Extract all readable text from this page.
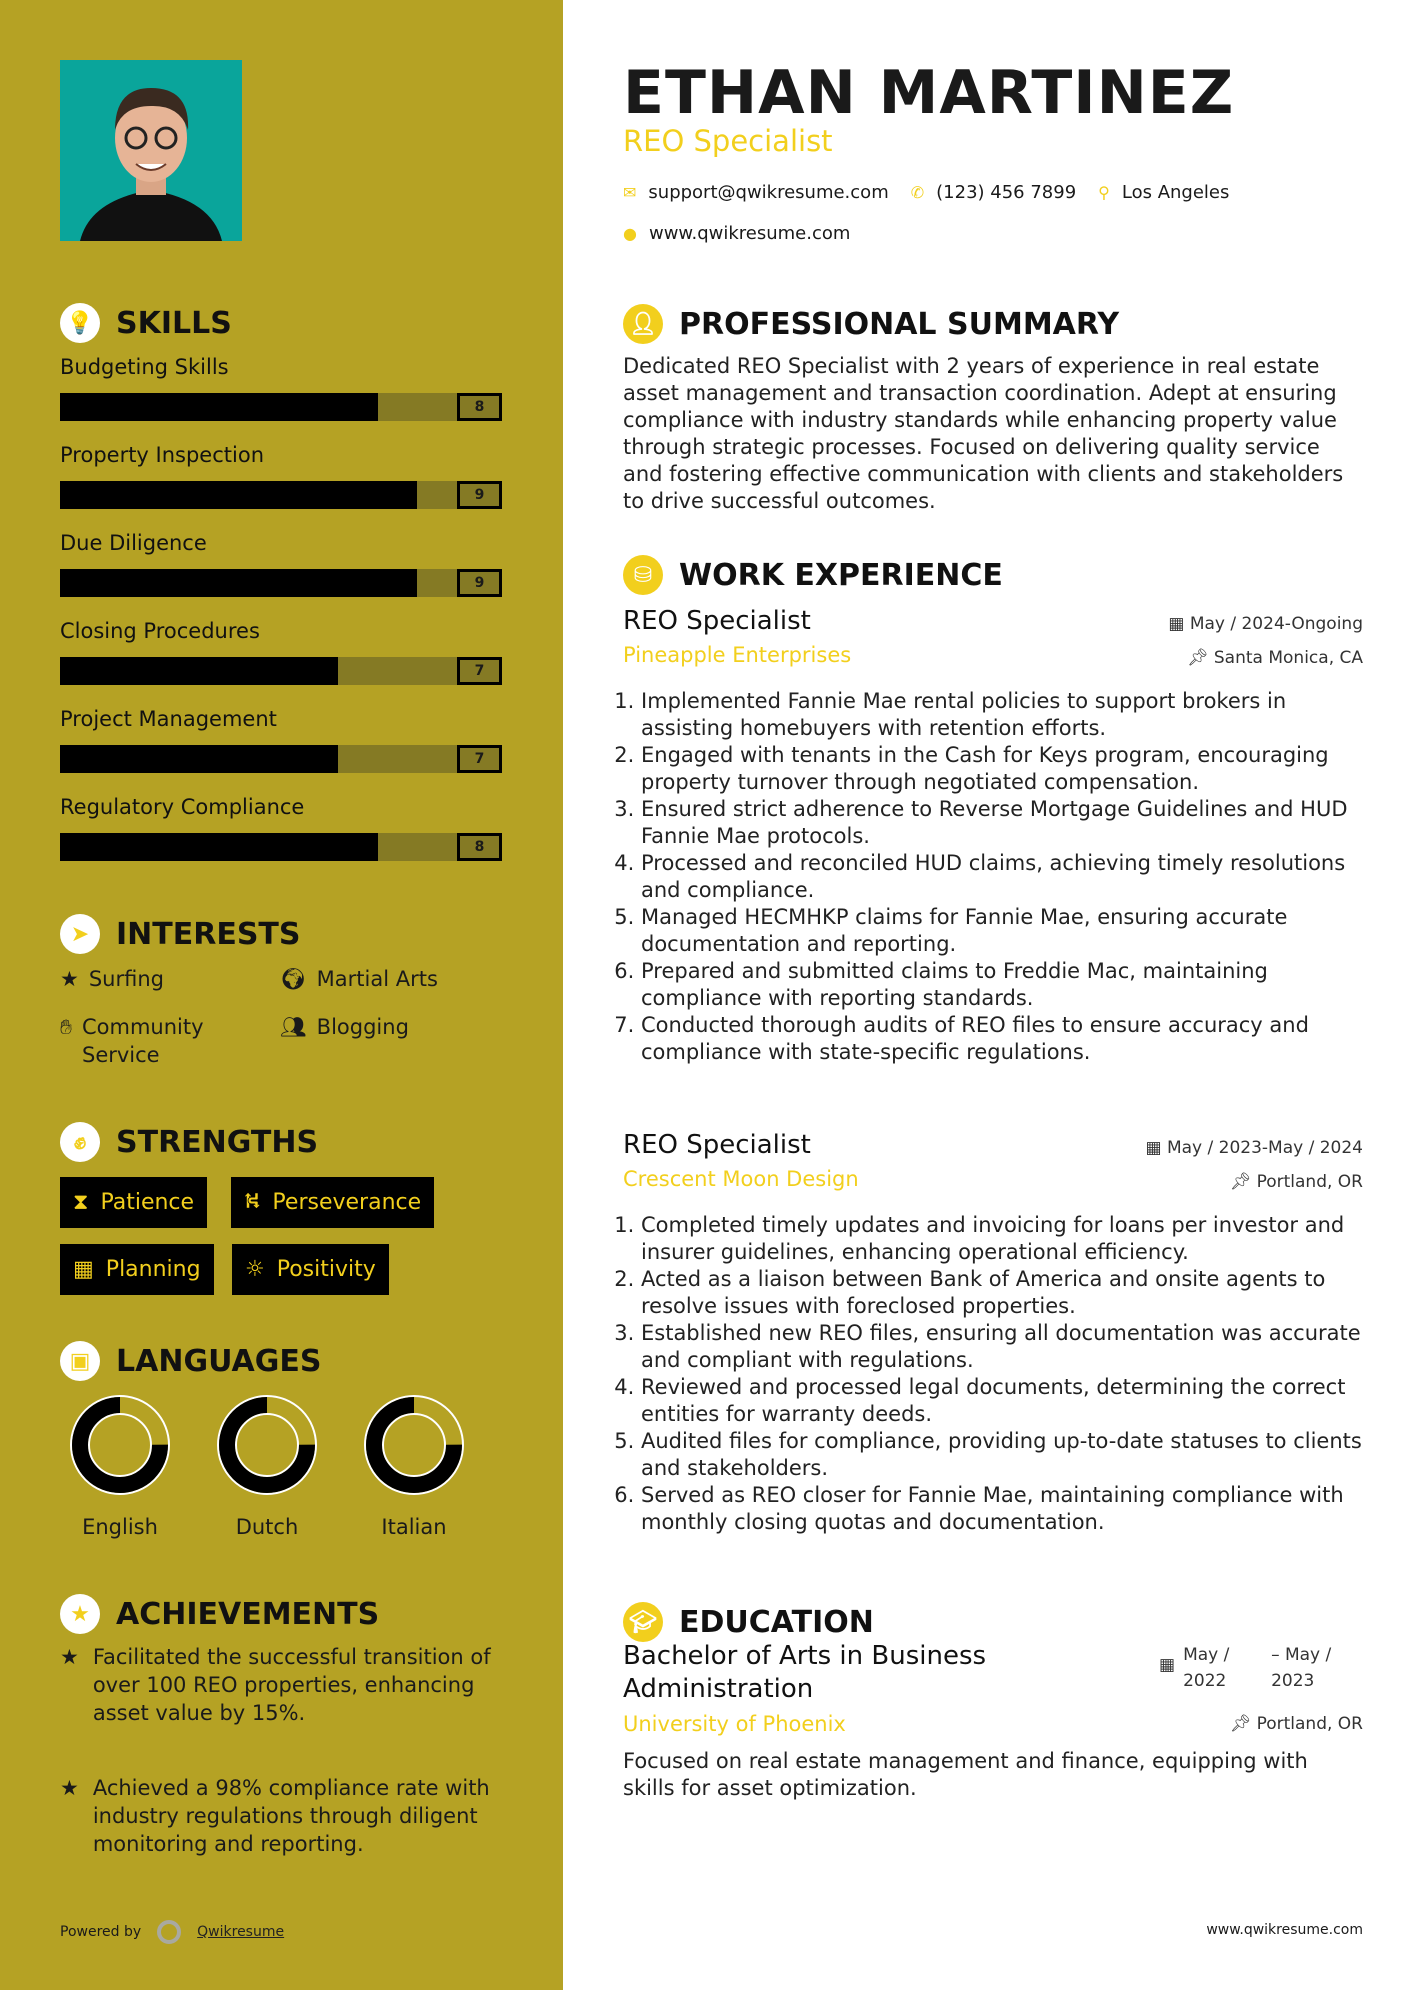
💡 SKILLS
Budgeting Skills
8
Property Inspection
9
Due Diligence
9
Closing Procedures
7
Project Management
7
Regulatory Compliance
8
➤ INTERESTS
★ Surfing	🌍︎ Martial Arts
✋︎ Community Service
👥︎ Blogging
✊︎ STRENGTHS
⧗ Patience ⛕ Perseverance
▦ Planning ☼ Positivity
▣ LANGUAGES
English	Dutch	Italian
★ ACHIEVEMENTS
★ Facilitated the successful transition of over 100 REO properties, enhancing asset value by 15%.
★ Achieved a 98% compliance rate with industry regulations through diligent monitoring and reporting.
Powered by	Qwikresume
ETHAN MARTINEZ
REO Specialist
✉ support@qwikresume.com ✆ (123) 456 7899 ⚲ Los Angeles
● www.qwikresume.com
👤︎ PROFESSIONAL SUMMARY

Dedicated REO Specialist with 2 years of experience in real estate asset management and transaction coordination. Adept at ensuring compliance with industry standards while enhancing property value through strategic processes. Focused on delivering quality service and fostering effective communication with clients and stakeholders to drive successful outcomes.

⛁ WORK EXPERIENCE
REO Specialist	▦ May / 2024-Ongoing
Pineapple Enterprises	📌︎ Santa Monica, CA
1. Implemented Fannie Mae rental policies to support brokers in assisting homebuyers with retention efforts.
2. Engaged with tenants in the Cash for Keys program, encouraging property turnover through negotiated compensation.
3. Ensured strict adherence to Reverse Mortgage Guidelines and HUD Fannie Mae protocols.
4. Processed and reconciled HUD claims, achieving timely resolutions and compliance.
5. Managed HECMHKP claims for Fannie Mae, ensuring accurate documentation and reporting.
6. Prepared and submitted claims to Freddie Mac, maintaining compliance with reporting standards.
7. Conducted thorough audits of REO files to ensure accuracy and compliance with state-specific regulations.
REO Specialist	▦ May / 2023-May / 2024
Crescent Moon Design	📌︎ Portland, OR
1. Completed timely updates and invoicing for loans per investor and insurer guidelines, enhancing operational efficiency.
2. Acted as a liaison between Bank of America and onsite agents to resolve issues with foreclosed properties.
3. Established new REO files, ensuring all documentation was accurate and compliant with regulations.
4. Reviewed and processed legal documents, determining the correct entities for warranty deeds.
5. Audited files for compliance, providing up-to-date statuses to clients and stakeholders.
6. Served as REO closer for Fannie Mae, maintaining compliance with monthly closing quotas and documentation.
🎓︎ EDUCATION
Bachelor of Arts in Business Administration
▦ May / 2022
– May / 2023
University of Phoenix	📌︎ Portland, OR

Focused on real estate management and finance, equipping with skills for asset optimization.

www.qwikresume.com
